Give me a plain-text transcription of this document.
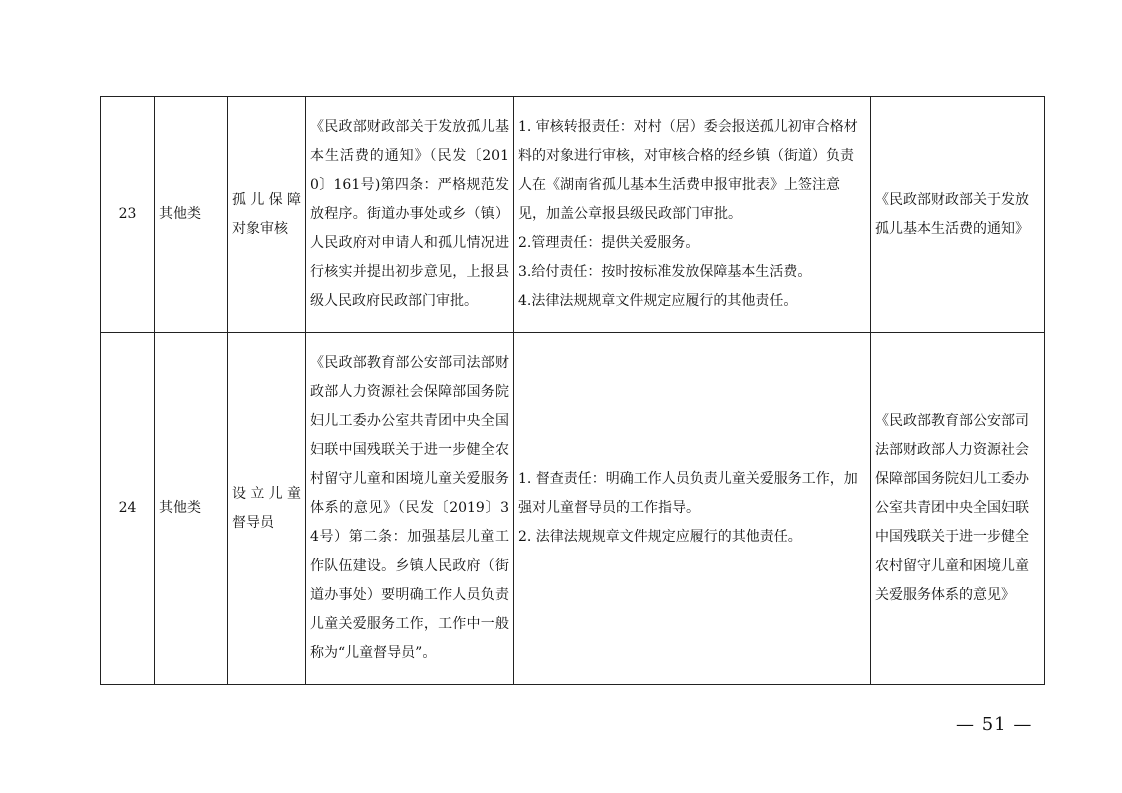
23	其他类	孤儿保障对象审核	《民政部财政部关于发放孤儿基本生活费的通知》（民发〔2010〕161号)第四条：严格规范发放程序。街道办事处或乡（镇）人民政府对申请人和孤儿情况进行核实并提出初步意见，上报县级人民政府民政部门审批。	1. 审核转报责任：对村（居）委会报送孤儿初审合格材料的对象进行审核，对审核合格的经乡镇（街道）负责人在《湖南省孤儿基本生活费申报审批表》上签注意见，加盖公章报县级民政部门审批。

2.管理责任：提供关爱服务。

3.给付责任：按时按标准发放保障基本生活费。

4.法律法规规章文件规定应履行的其他责任。	《民政部财政部关于发放孤儿基本生活费的通知》
24	其他类	设立儿童督导员	《民政部教育部公安部司法部财政部人力资源社会保障部国务院妇儿工委办公室共青团中央全国妇联中国残联关于进一步健全农村留守儿童和困境儿童关爱服务体系的意见》（民发〔2019〕34号）第二条：加强基层儿童工作队伍建设。乡镇人民政府（街道办事处）要明确工作人员负责儿童关爱服务工作，工作中一般称为“儿童督导员”。	1. 督查责任：明确工作人员负责儿童关爱服务工作，加强对儿童督导员的工作指导。

2. 法律法规规章文件规定应履行的其他责任。	《民政部教育部公安部司法部财政部人力资源社会保障部国务院妇儿工委办公室共青团中央全国妇联中国残联关于进一步健全农村留守儿童和困境儿童关爱服务体系的意见》
— 51 —
